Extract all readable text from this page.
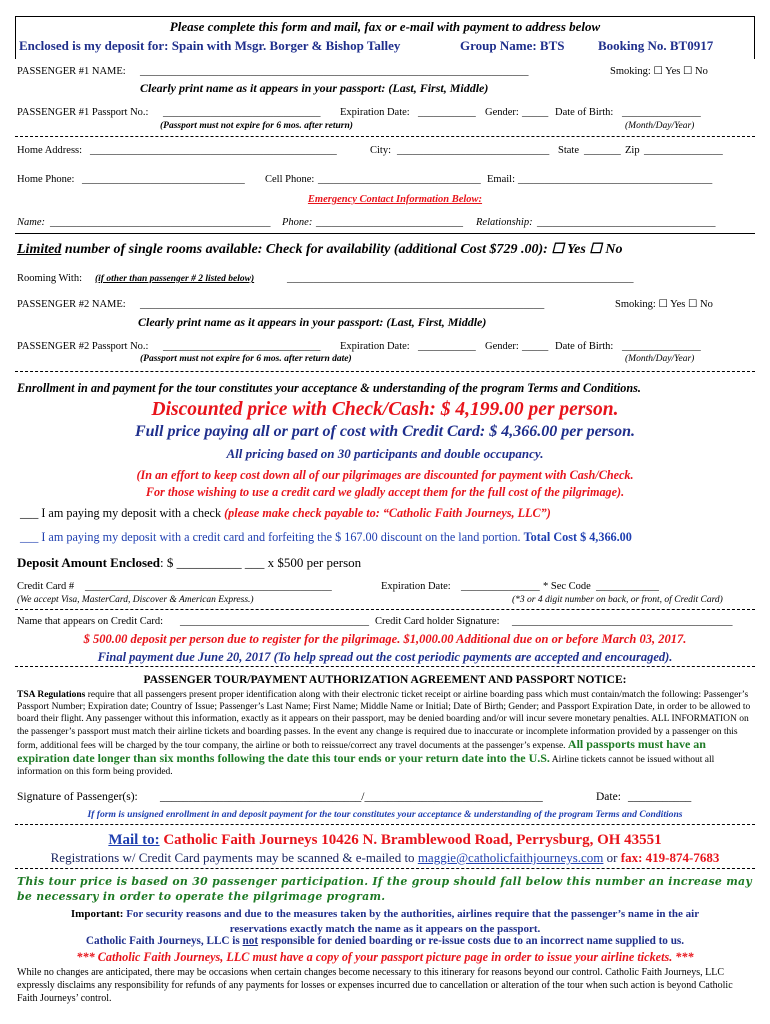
Please complete this form and mail, fax or e-mail with payment to address below
Enclosed is my deposit for: Spain with Msgr. Borger & Bishop Talley	Group Name: BTS	Booking No. BT0917
PASSENGER #1 NAME: __________________________________________________________________________	Smoking: ☐ Yes ☐ No
Clearly print name as it appears in your passport: (Last, First, Middle)
PASSENGER #1 Passport No.: ______________________________ Expiration Date: ___________ Gender: _____ Date of Birth: _______________
(Passport must not expire for 6 mos. after return)	(Month/Day/Year)
Home Address: _______________________________________________	City: _____________________________ State _______ Zip _______________
Home Phone: _______________________________ Cell Phone: _______________________________ Email: _____________________________________
Emergency Contact Information Below:
Name: __________________________________________ Phone: ____________________________ Relationship: __________________________________
Limited number of single rooms available: Check for availability (additional Cost $729 .00): ☐ Yes ☐ No
Rooming With: (if other than passenger # 2 listed below)	__________________________________________________________________
PASSENGER #2 NAME: _____________________________________________________________________________	Smoking: ☐ Yes ☐ No
Clearly print name as it appears in your passport: (Last, First, Middle)
PASSENGER #2 Passport No.: ______________________________ Expiration Date: ___________ Gender: _____ Date of Birth: _______________
(Passport must not expire for 6 mos. after return date)	(Month/Day/Year)
Enrollment in and payment for the tour constitutes your acceptance & understanding of the program Terms and Conditions.
Discounted price with Check/Cash: $ 4,199.00 per person.
Full price paying all or part of cost with Credit Card: $ 4,366.00 per person.
All pricing based on 30 participants and double occupancy.
(In an effort to keep cost down all of our pilgrimages are discounted for payment with Cash/Check.
For those wishing to use a credit card we gladly accept them for the full cost of the pilgrimage).
___ I am paying my deposit with a check (please make check payable to: “Catholic Faith Journeys, LLC”)
___ I am paying my deposit with a credit card and forfeiting the $ 167.00 discount on the land portion. Total Cost $ 4,366.00
Deposit Amount Enclosed: $ __________ ___ x $500 per person
Credit Card # _______________________________________________	Expiration Date: _______________ * Sec Code ____________
(We accept Visa, MasterCard, Discover & American Express.)	(*3 or 4 digit number on back, or front, of Credit Card)
Name that appears on Credit Card: ____________________________________ Credit Card holder Signature: __________________________________________
$ 500.00 deposit per person due to register for the pilgrimage. $1,000.00 Additional due on or before March 03, 2017.
Final payment due June 20, 2017 (To help spread out the cost periodic payments are accepted and encouraged).
PASSENGER TOUR/PAYMENT AUTHORIZATION AGREEMENT AND PASSPORT NOTICE:
TSA Regulations require that all passengers present proper identification along with their electronic ticket receipt or airline boarding pass which must contain/match the following: Passenger’s Passport Number; Expiration date; Country of Issue; Passenger’s Last Name; First Name; Middle Name or Initial; Date of Birth; Gender; and Passport Expiration Date, in order to be allowed to board their flight. Any passenger without this information, exactly as it appears on their passport, may be denied boarding and/or will incur severe monetary penalties. ALL INFORMATION on the passenger’s passport must match their airline tickets and boarding passes. In the event any change is required due to inaccurate or incomplete information provided by a passenger on this form, additional fees will be charged by the tour company, the airline or both to reissue/correct any travel documents at the passenger’s expense. All passports must have an expiration date longer than six months following the date this tour ends or your return date into the U.S. Airline tickets cannot be issued without all information on this form being provided.
Signature of Passenger(s): ___________________________________/_______________________________	Date: ___________
If form is unsigned enrollment in and deposit payment for the tour constitutes your acceptance & understanding of the program Terms and Conditions
Mail to: Catholic Faith Journeys 10426 N. Bramblewood Road, Perrysburg, OH 43551
Registrations w/ Credit Card payments may be scanned & e-mailed to maggie@catholicfaithjourneys.com or fax: 419-874-7683
This tour price is based on 30 passenger participation. If the group should fall below this number an increase may be necessary in order to operate the pilgrimage program.
Important: For security reasons and due to the measures taken by the authorities, airlines require that the passenger’s name in the air reservations exactly match the name as it appears on the passport.
Catholic Faith Journeys, LLC is not responsible for denied boarding or re-issue costs due to an incorrect name supplied to us.
*** Catholic Faith Journeys, LLC must have a copy of your passport picture page in order to issue your airline tickets. ***
While no changes are anticipated, there may be occasions when certain changes become necessary to this itinerary for reasons beyond our control. Catholic Faith Journeys, LLC expressly disclaims any responsibility for refunds of any payments for losses or expenses incurred due to cancellation or alteration of the tour when such action is beyond Catholic Faith Journeys’ control.
